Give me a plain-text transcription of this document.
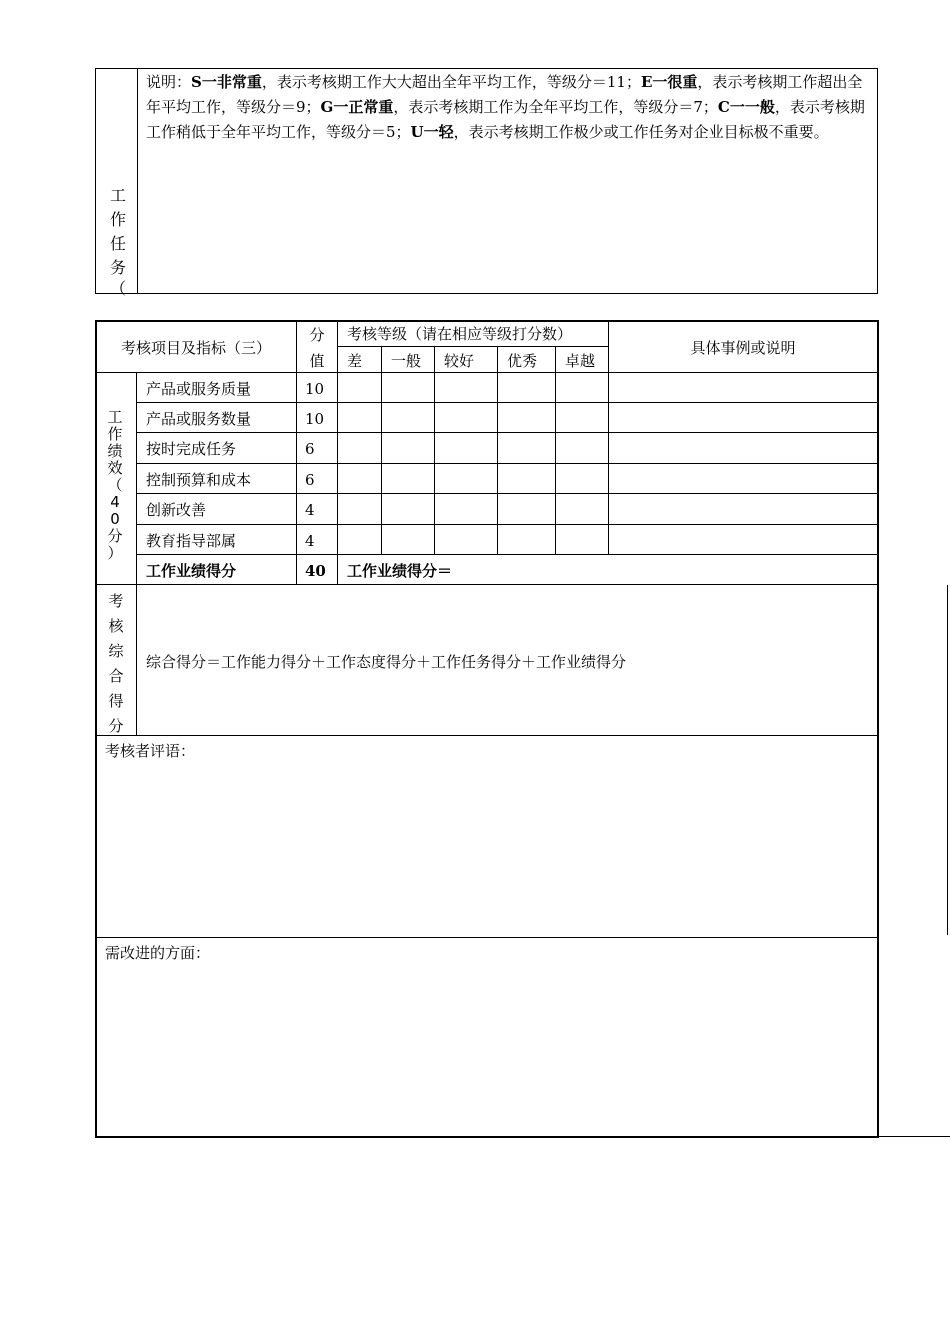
工
作
任
务
（
说明：S一非常重，表示考核期工作大大超出全年平均工作，等级分＝11；E一很重，表示考核期工作超出全年平均工作，等级分＝9；G一正常重，表示考核期工作为全年平均工作，等级分＝7；C一一般，表示考核期工作稍低于全年平均工作，等级分＝5；U一轻，表示考核期工作极少或工作任务对企业目标极不重要。
考核项目及指标（三）
分
值
考核等级（请在相应等级打分数）
差 一般 较好 优秀 卓越
具体事例或说明
工
作
绩
效
（
4
0
分
）
产品或服务质量	10
产品或服务数量	10
按时完成任务	6
控制预算和成本	6
创新改善	4
教育指导部属	4
工作业绩得分	40 工作业绩得分＝
考
核
综
合
得
分
综合得分＝工作能力得分＋工作态度得分＋工作任务得分＋工作业绩得分
考核者评语：
需改进的方面：
